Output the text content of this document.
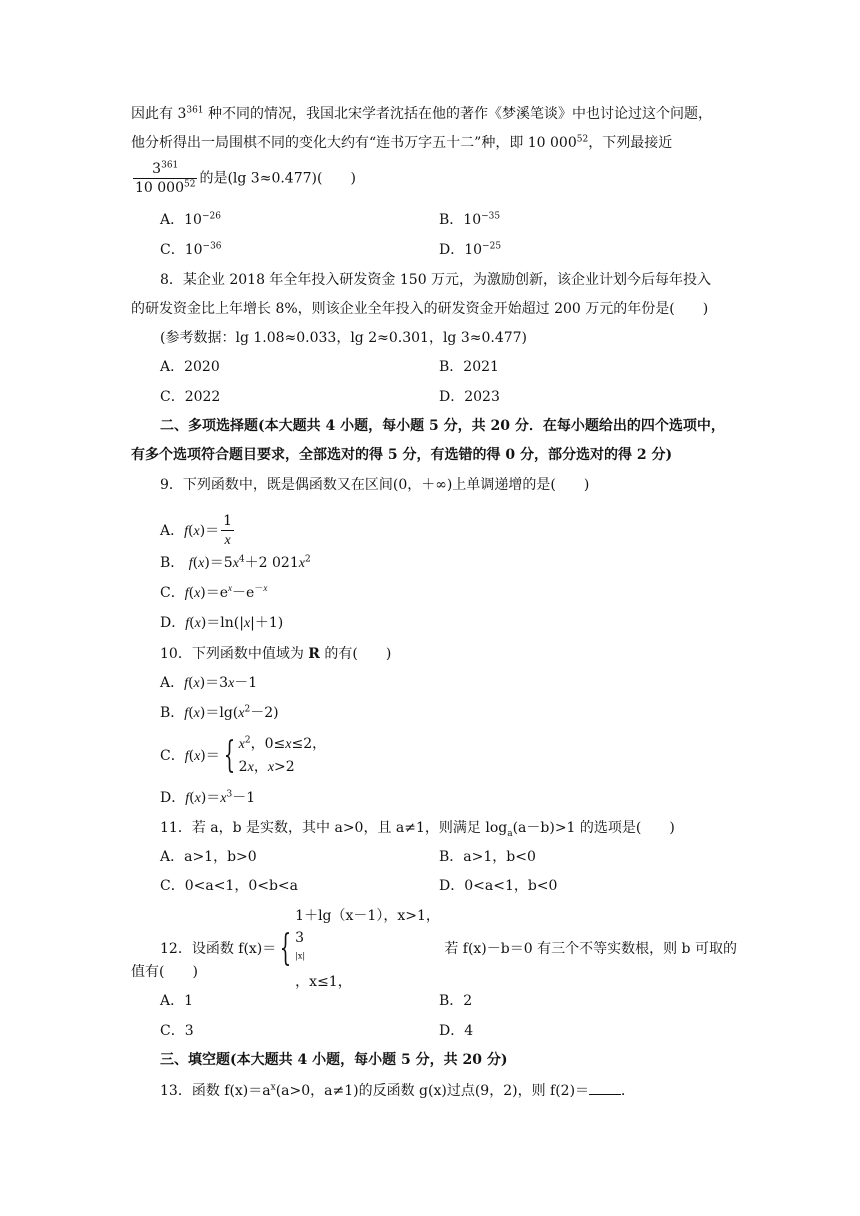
因此有 $3^{361}$ 种不同的情况，我国北宋学者沈括在他的著作《梦溪笔谈》中也讨论过这个问题，
他分析得出一局围棋不同的变化大约有“连书万字五十二”种，即 10 $000^{52}$，下列最接近
$\frac{3^{361}}{10 000^{52}}$ 的是(lg 3≈0.477)(　　)
A．$10^{-26}$	B．$10^{-35}$
C．$10^{-36}$	D．$10^{-25}$
8．某企业 2018 年全年投入研发资金 150 万元，为激励创新，该企业计划今后每年投入
的研发资金比上年增长 8%，则该企业全年投入的研发资金开始超过 200 万元的年份是(　　)
(参考数据：lg 1.08≈0.033，lg 2≈0.301，lg 3≈0.477)
A．2020	B．2021
C．2022	D．2023
二、多项选择题(本大题共 4 小题，每小题 5 分，共 20 分．在每小题给出的四个选项中，
有多个选项符合题目要求，全部选对的得 5 分，有选错的得 0 分，部分选对的得 2 分)
9．下列函数中，既是偶函数又在区间(0，＋∞)上单调递增的是(　　)
A．$f(x)= \frac{1}{x}$
B． $f(x)=5x^4+2$ $021x^2$
C．$f(x)=e^x-e^{-x}$
D．f(x)＝ln(|x|＋1)
10．下列函数中值域为 R 的有(　　)
A．f(x)＝3x－1
B．$f(x)=\lg(x^2-2)$
C．f(x)＝ { $x^2$，0≤x≤2，
2x，x>2
D．$f(x)=x^3-1$
11．若 a，b 是实数，其中 a>0，且 a≠1，则满足 $\log_a(a-b)>1$ 的选项是(　　)
A．a>1，b>0	B．a>1，b<0
C．0<a<1，0<b<a	D．0<a<1，b<0
12．设函数 f(x)＝ {
1＋lg（x－1），x>1，
3
$^{|x|}$
，x≤1，
若 f(x)－b＝0 有三个不等实数根，则 b 可取的
值有(　　)
A．1	B．2
C．3	D．4
三、填空题(本大题共 4 小题，每小题 5 分，共 20 分)
13．函数 $f(x)=a^x(a>0$，a≠1)的反函数 g(x)过点(9，2)，则 f(2)＝ ．
